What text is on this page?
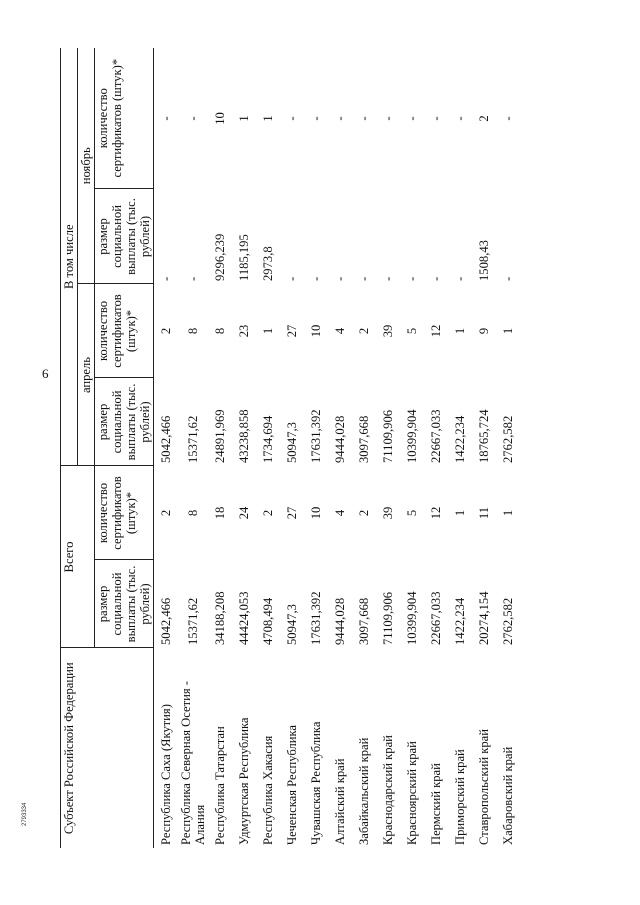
6
2793334	Субъект Российской Федерации	Всего		В том числе			
			апрель		ноябрь	
	размер социальной выплаты (тыс. рублей)	количество сертификатов (штук)*	размер социальной выплаты (тыс. рублей)	количество сертификатов (штук)*	размер социальной выплаты (тыс. рублей)	количество сертификатов (штук)*
Республика Саха (Якутия)	5042,466	2	5042,466	2	-	-
Республика Северная Осетия - Алания	15371,62	8	15371,62	8	-	-
Республика Татарстан	34188,208	18	24891,969	8	9296,239	10
Удмуртская Республика	44424,053	24	43238,858	23	1185,195	1
Республика Хакасия	4708,494	2	1734,694	1	2973,8	1
Чеченская Республика	50947,3	27	50947,3	27	-	-
Чувашская Республика	17631,392	10	17631,392	10	-	-
Алтайский край	9444,028	4	9444,028	4	-	-
Забайкальский край	3097,668	2	3097,668	2	-	-
Краснодарский край	71109,906	39	71109,906	39	-	-
Красноярский край	10399,904	5	10399,904	5	-	-
Пермский край	22667,033	12	22667,033	12	-	-
Приморский край	1422,234	1	1422,234	1	-	-
Ставропольский край	20274,154	11	18765,724	9	1508,43	2
Хабаровский край	2762,582	1	2762,582	1	-	-
